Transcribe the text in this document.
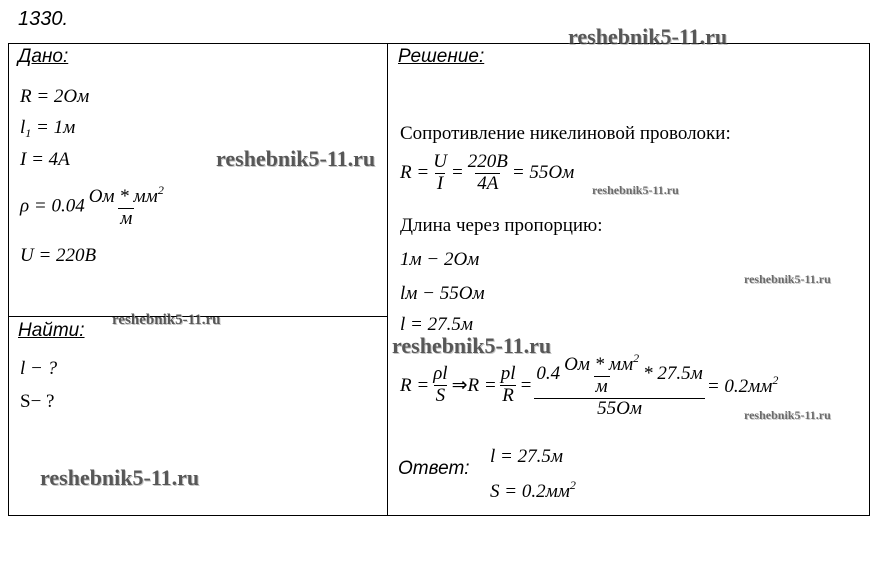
1330.
Дано:
R = 2Ом
$l_1 = 1м$
I = 4A
$\rho = 0.04 \frac{Ом * мм^2}{м}$
U = 220B
Найти:
l − ?
S− ?
Решение:
Сопротивление никелиновой проволоки:
$R = \frac{U}{I} = \frac{220B}{4A} = 55Ом$
Длина через пропорцию:
1м − 2Ом
lм − 55Ом
l = 27.5м
$R = \frac{\rho l}{S}$ ⇒ $R = \frac{pl}{R} = \frac{0.4 \frac{Ом * мм^2}{м} * 27.5м}{55Ом} = 0.2мм^2$
Ответ:
l = 27.5м
$S = 0.2мм^2$
reshebnik5-11.ru
reshebnik5-11.ru
reshebnik5-11.ru
reshebnik5-11.ru
reshebnik5-11.ru
reshebnik5-11.ru
reshebnik5-11.ru
reshebnik5-11.ru
